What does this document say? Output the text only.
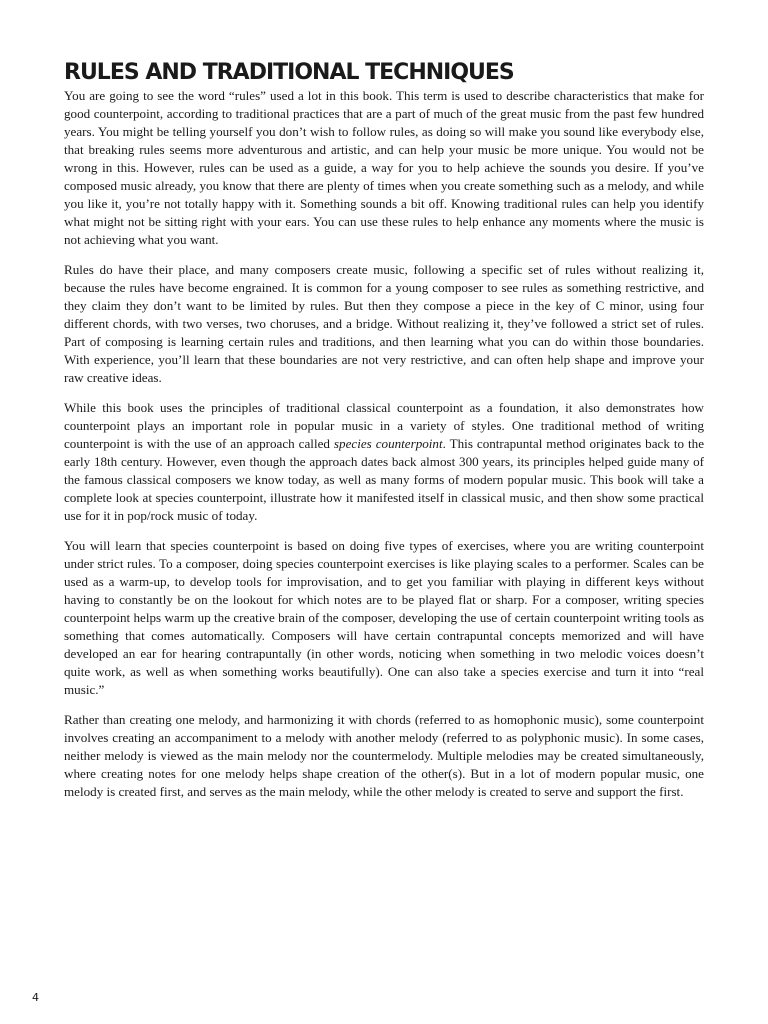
RULES AND TRADITIONAL TECHNIQUES

You are going to see the word “rules” used a lot in this book. This term is used to describe characteristics that make for good counterpoint, according to traditional practices that are a part of much of the great music from the past few hundred years. You might be telling yourself you don’t wish to follow rules, as doing so will make you sound like everybody else, that breaking rules seems more adventurous and artistic, and can help your music be more unique. You would not be wrong in this. However, rules can be used as a guide, a way for you to help achieve the sounds you desire. If you’ve composed music already, you know that there are plenty of times when you create something such as a melody, and while you like it, you’re not totally happy with it. Something sounds a bit off. Knowing traditional rules can help you identify what might not be sitting right with your ears. You can use these rules to help enhance any moments where the music is not achieving what you want.

Rules do have their place, and many composers create music, following a specific set of rules without realizing it, because the rules have become engrained. It is common for a young composer to see rules as something restrictive, and they claim they don’t want to be limited by rules. But then they compose a piece in the key of C minor, using four different chords, with two verses, two choruses, and a bridge. Without realizing it, they’ve followed a strict set of rules. Part of composing is learning certain rules and traditions, and then learning what you can do within those boundaries. With experience, you’ll learn that these boundaries are not very restrictive, and can often help shape and improve your raw creative ideas.

While this book uses the principles of traditional classical counterpoint as a foundation, it also demonstrates how counterpoint plays an important role in popular music in a variety of styles. One traditional method of writing counterpoint is with the use of an approach called species counterpoint. This contrapuntal method originates back to the early 18th century. However, even though the approach dates back almost 300 years, its principles helped guide many of the famous classical composers we know today, as well as many forms of modern popular music. This book will take a complete look at species counterpoint, illustrate how it manifested itself in classical music, and then show some practical use for it in pop/rock music of today.

You will learn that species counterpoint is based on doing five types of exercises, where you are writing counterpoint under strict rules. To a composer, doing species counterpoint exercises is like playing scales to a performer. Scales can be used as a warm-up, to develop tools for improvisation, and to get you familiar with playing in different keys without having to constantly be on the lookout for which notes are to be played flat or sharp. For a composer, writing species counterpoint helps warm up the creative brain of the composer, developing the use of certain counterpoint writing tools as something that comes automatically. Composers will have certain contrapuntal concepts memorized and will have developed an ear for hearing contrapuntally (in other words, noticing when something in two melodic voices doesn’t quite work, as well as when something works beautifully). One can also take a species exercise and turn it into “real music.”

Rather than creating one melody, and harmonizing it with chords (referred to as homophonic music), some counterpoint involves creating an accompaniment to a melody with another melody (referred to as polyphonic music). In some cases, neither melody is viewed as the main melody nor the countermelody. Multiple melodies may be created simultaneously, where creating notes for one melody helps shape creation of the other(s). But in a lot of modern popular music, one melody is created first, and serves as the main melody, while the other melody is created to serve and support the first.

4
